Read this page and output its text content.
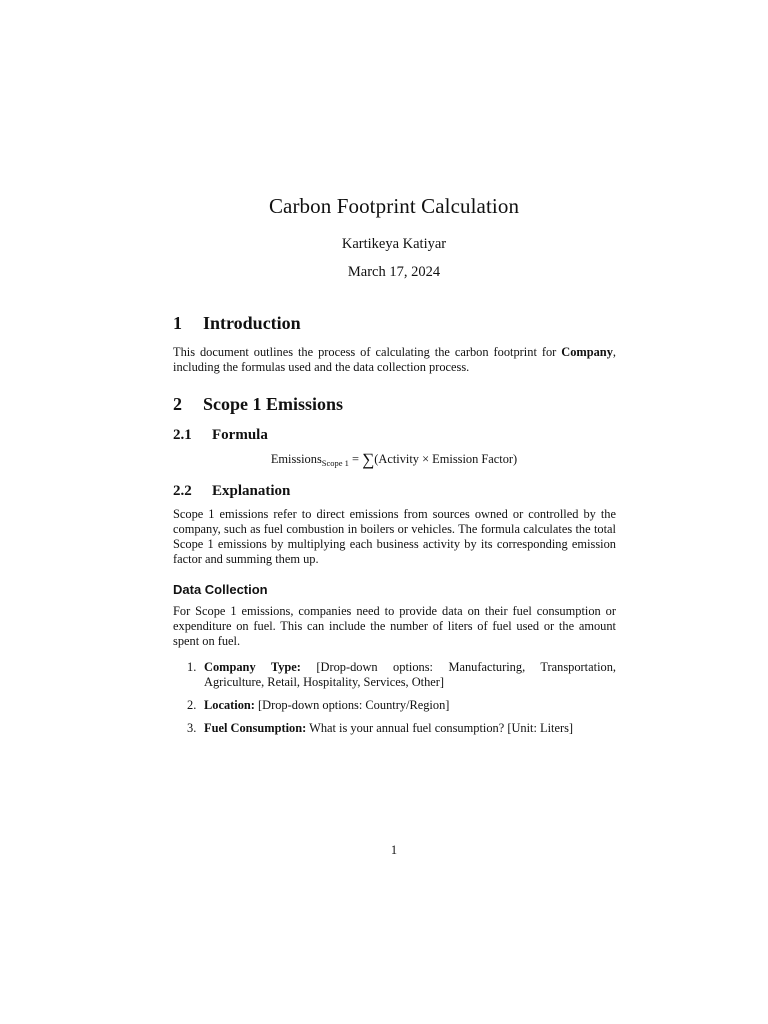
Carbon Footprint Calculation
Kartikeya Katiyar
March 17, 2024
1 Introduction
This document outlines the process of calculating the carbon footprint for Company, including the formulas used and the data collection process.
2 Scope 1 Emissions
2.1 Formula
Emissions$_{Scope 1}$ = ∑(Activity × Emission Factor)
2.2 Explanation
Scope 1 emissions refer to direct emissions from sources owned or controlled by the company, such as fuel combustion in boilers or vehicles. The formula calculates the total Scope 1 emissions by multiplying each business activity by its corresponding emission factor and summing them up.
Data Collection
For Scope 1 emissions, companies need to provide data on their fuel consumption or expenditure on fuel. This can include the number of liters of fuel used or the amount spent on fuel.
1. Company Type: [Drop-down options: Manufacturing, Transportation, Agriculture, Retail, Hospitality, Services, Other]
2. Location: [Drop-down options: Country/Region]
3. Fuel Consumption: What is your annual fuel consumption? [Unit: Liters]
1
